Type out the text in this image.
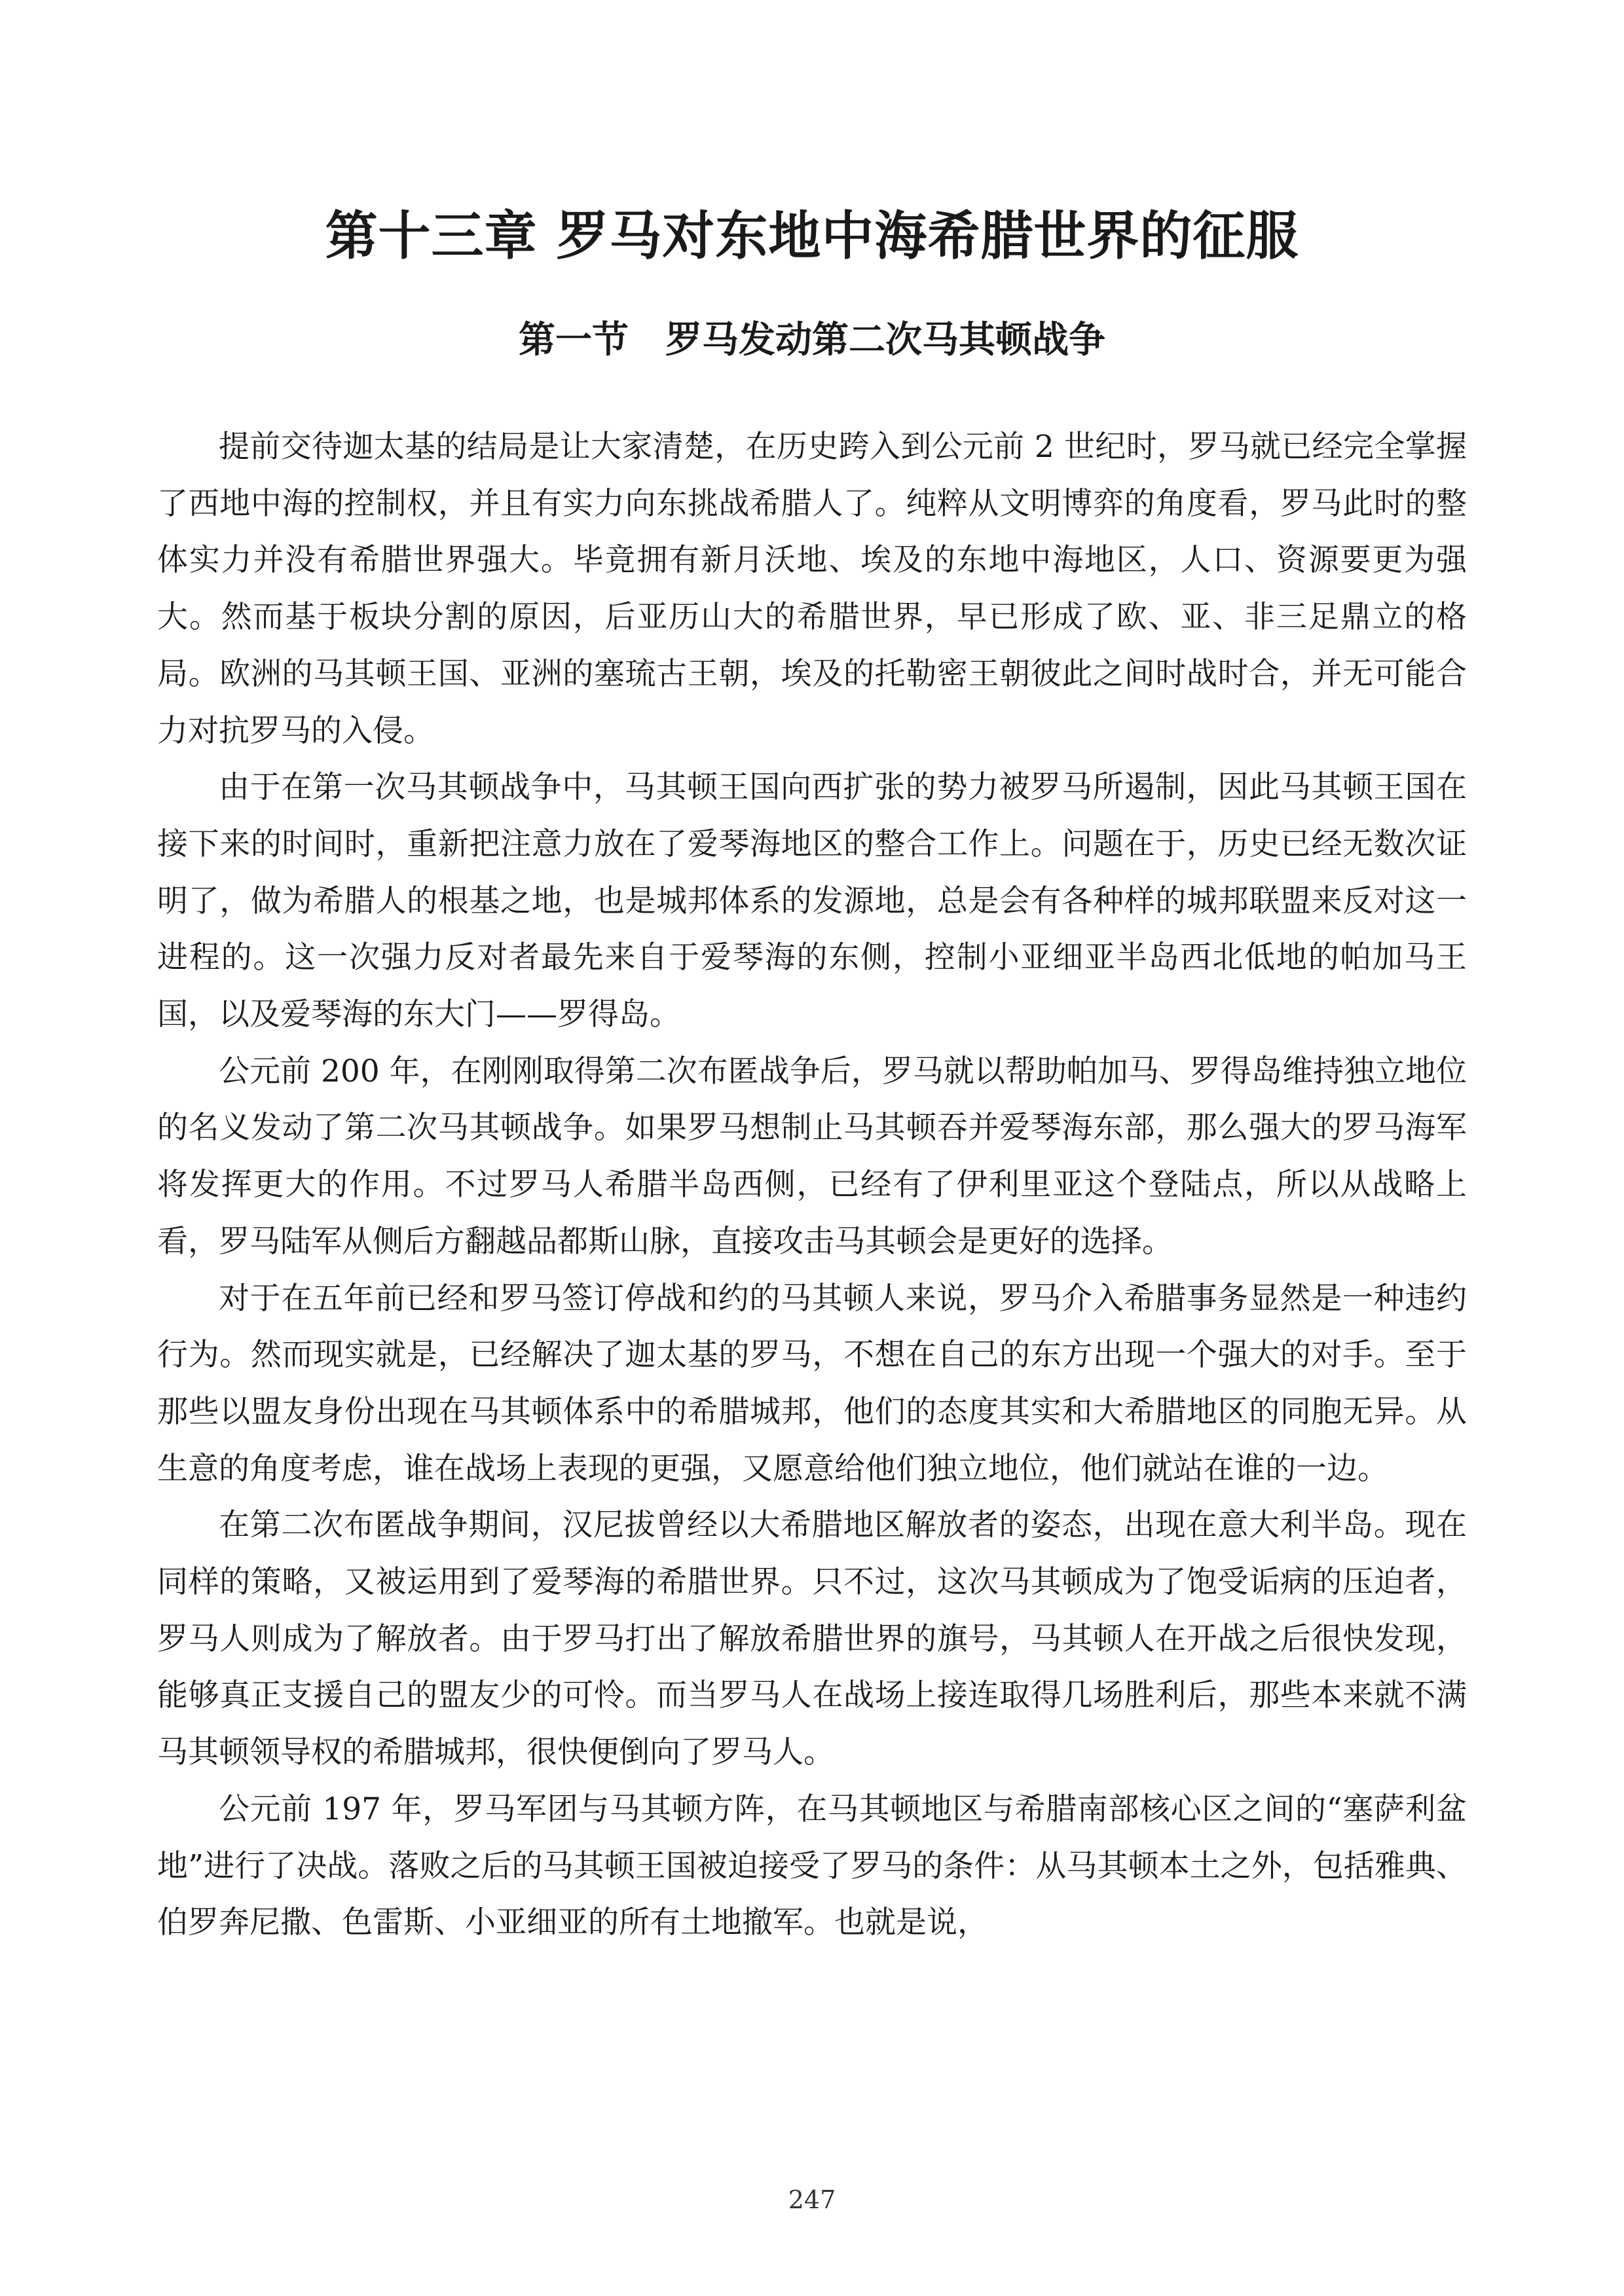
第十三章 罗马对东地中海希腊世界的征服
第一节　罗马发动第二次马其顿战争

提前交待迦太基的结局是让大家清楚，在历史跨入到公元前 2 世纪时，罗马就已经完全掌握了西地中海的控制权，并且有实力向东挑战希腊人了。纯粹从文明博弈的角度看，罗马此时的整体实力并没有希腊世界强大。毕竟拥有新月沃地、埃及的东地中海地区，人口、资源要更为强大。然而基于板块分割的原因，后亚历山大的希腊世界，早已形成了欧、亚、非三足鼎立的格局。欧洲的马其顿王国、亚洲的塞琉古王朝，埃及的托勒密王朝彼此之间时战时合，并无可能合力对抗罗马的入侵。

由于在第一次马其顿战争中，马其顿王国向西扩张的势力被罗马所遏制，因此马其顿王国在接下来的时间时，重新把注意力放在了爱琴海地区的整合工作上。问题在于，历史已经无数次证明了，做为希腊人的根基之地，也是城邦体系的发源地，总是会有各种样的城邦联盟来反对这一进程的。这一次强力反对者最先来自于爱琴海的东侧，控制小亚细亚半岛西北低地的帕加马王国，以及爱琴海的东大门——罗得岛。

公元前 200 年，在刚刚取得第二次布匿战争后，罗马就以帮助帕加马、罗得岛维持独立地位的名义发动了第二次马其顿战争。如果罗马想制止马其顿吞并爱琴海东部，那么强大的罗马海军将发挥更大的作用。不过罗马人希腊半岛西侧，已经有了伊利里亚这个登陆点，所以从战略上看，罗马陆军从侧后方翻越品都斯山脉，直接攻击马其顿会是更好的选择。

对于在五年前已经和罗马签订停战和约的马其顿人来说，罗马介入希腊事务显然是一种违约行为。然而现实就是，已经解决了迦太基的罗马，不想在自己的东方出现一个强大的对手。至于那些以盟友身份出现在马其顿体系中的希腊城邦，他们的态度其实和大希腊地区的同胞无异。从生意的角度考虑，谁在战场上表现的更强，又愿意给他们独立地位，他们就站在谁的一边。

在第二次布匿战争期间，汉尼拔曾经以大希腊地区解放者的姿态，出现在意大利半岛。现在同样的策略，又被运用到了爱琴海的希腊世界。只不过，这次马其顿成为了饱受诟病的压迫者，罗马人则成为了解放者。由于罗马打出了解放希腊世界的旗号，马其顿人在开战之后很快发现，能够真正支援自己的盟友少的可怜。而当罗马人在战场上接连取得几场胜利后，那些本来就不满马其顿领导权的希腊城邦，很快便倒向了罗马人。

公元前 197 年，罗马军团与马其顿方阵，在马其顿地区与希腊南部核心区之间的“塞萨利盆地”进行了决战。落败之后的马其顿王国被迫接受了罗马的条件：从马其顿本土之外，包括雅典、伯罗奔尼撒、色雷斯、小亚细亚的所有土地撤军。也就是说，

247
